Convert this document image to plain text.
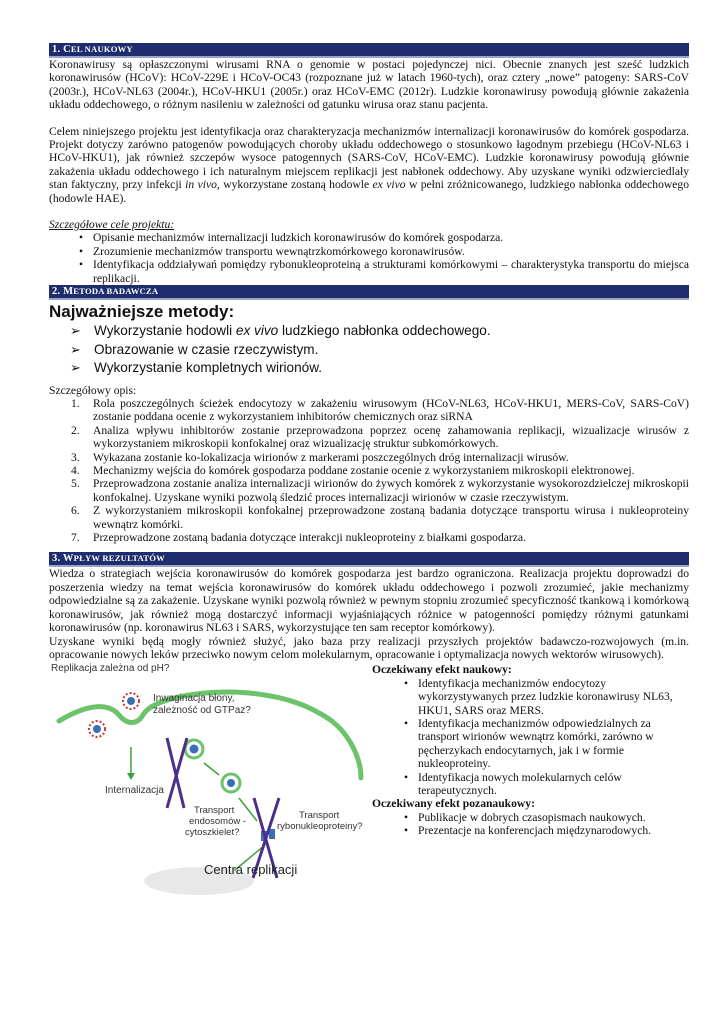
1. CEL NAUKOWY

Koronawirusy są opłaszczonymi wirusami RNA o genomie w postaci pojedynczej nici. Obecnie znanych jest sześć ludzkich koronawirusów (HCoV): HCoV-229E i HCoV-OC43 (rozpoznane już w latach 1960-tych), oraz cztery „nowe” patogeny: SARS-CoV (2003r.), HCoV-NL63 (2004r.), HCoV-HKU1 (2005r.) oraz HCoV-EMC (2012r). Ludzkie koronawirusy powodują głównie zakażenia układu oddechowego, o różnym nasileniu w zależności od gatunku wirusa oraz stanu pacjenta.

Celem niniejszego projektu jest identyfikacja oraz charakteryzacja mechanizmów internalizacji koronawirusów do komórek gospodarza. Projekt dotyczy zarówno patogenów powodujących choroby układu oddechowego o stosunkowo łagodnym przebiegu (HCoV-NL63 i HCoV-HKU1), jak również szczepów wysoce patogennych (SARS-CoV, HCoV-EMC). Ludzkie koronawirusy powodują głównie zakażenia układu oddechowego i ich naturalnym miejscem replikacji jest nabłonek oddechowy. Aby uzyskane wyniki odzwierciedlały stan faktyczny, przy infekcji in vivo, wykorzystane zostaną hodowle ex vivo w pełni zróżnicowanego, ludzkiego nabłonka oddechowego (hodowle HAE).

Szczegółowe cele projektu:
• Opisanie mechanizmów internalizacji ludzkich koronawirusów do komórek gospodarza.
• Zrozumienie mechanizmów transportu wewnątrzkomórkowego koronawirusów.
• Identyfikacja oddziaływań pomiędzy rybonukleoproteiną a strukturami komórkowymi – charakterystyka transportu do miejsca replikacji.
2. METODA BADAWCZA
Najważniejsze metody:
➢ Wykorzystanie hodowli ex vivo ludzkiego nabłonka oddechowego.
➢ Obrazowanie w czasie rzeczywistym.
➢ Wykorzystanie kompletnych wirionów.
Szczegółowy opis:
1. Rola poszczególnych ścieżek endocytozy w zakażeniu wirusowym (HCoV-NL63, HCoV-HKU1, MERS-CoV, SARS-CoV) zostanie poddana ocenie z wykorzystaniem inhibitorów chemicznych oraz siRNA
2. Analiza wpływu inhibitorów zostanie przeprowadzona poprzez ocenę zahamowania replikacji, wizualizacje wirusów z wykorzystaniem mikroskopii konfokalnej oraz wizualizację struktur subkomórkowych.
3. Wykazana zostanie ko-lokalizacja wirionów z markerami poszczególnych dróg internalizacji wirusów.
4. Mechanizmy wejścia do komórek gospodarza poddane zostanie ocenie z wykorzystaniem mikroskopii elektronowej.
5. Przeprowadzona zostanie analiza internalizacji wirionów do żywych komórek z wykorzystanie wysokorozdzielczej mikroskopii konfokalnej. Uzyskane wyniki pozwolą śledzić proces internalizacji wirionów w czasie rzeczywistym.
6. Z wykorzystaniem mikroskopii konfokalnej przeprowadzone zostaną badania dotyczące transportu wirusa i nukleoproteiny wewnątrz komórki.
7. Przeprowadzone zostaną badania dotyczące interakcji nukleoproteiny z białkami gospodarza.
3. WPŁYW REZULTATÓW

Wiedza o strategiach wejścia koronawirusów do komórek gospodarza jest bardzo ograniczona. Realizacja projektu doprowadzi do poszerzenia wiedzy na temat wejścia koronawirusów do komórek układu oddechowego i pozwoli zrozumieć, jakie mechanizmy odpowiedzialne są za zakażenie. Uzyskane wyniki pozwolą również w pewnym stopniu zrozumieć specyficzność tkankową i komórkową koronawirusów, jak również mogą dostarczyć informacji wyjaśniających różnice w patogenności pomiędzy różnymi gatunkami koronawirusów (np. koronawirus NL63 i SARS, wykorzystujące ten sam receptor komórkowy).

Uzyskane wyniki będą mogły również służyć, jako baza przy realizacji przyszłych projektów badawczo-rozwojowych (m.in. opracowanie nowych leków przeciwko nowym celom molekularnym, opracowanie i optymalizacja nowych wektorów wirusowych).

Replikacja zależna od pH?
Inwaginacja błony,
zależność od GTPaz?
Internalizacja
Transport
endosomów -
cytoszkielet?
Transport
rybonukleoproteiny?
Centra replikacji
Oczekiwany efekt naukowy:
• Identyfikacja mechanizmów endocytozy wykorzystywanych przez ludzkie koronawirusy NL63, HKU1, SARS oraz MERS.
• Identyfikacja mechanizmów odpowiedzialnych za transport wirionów wewnątrz komórki, zarówno w pęcherzykach endocytarnych, jak i w formie nukleoproteiny.
• Identyfikacja nowych molekularnych celów terapeutycznych.
Oczekiwany efekt pozanaukowy:
• Publikacje w dobrych czasopismach naukowych.
• Prezentacje na konferencjach międzynarodowych.
